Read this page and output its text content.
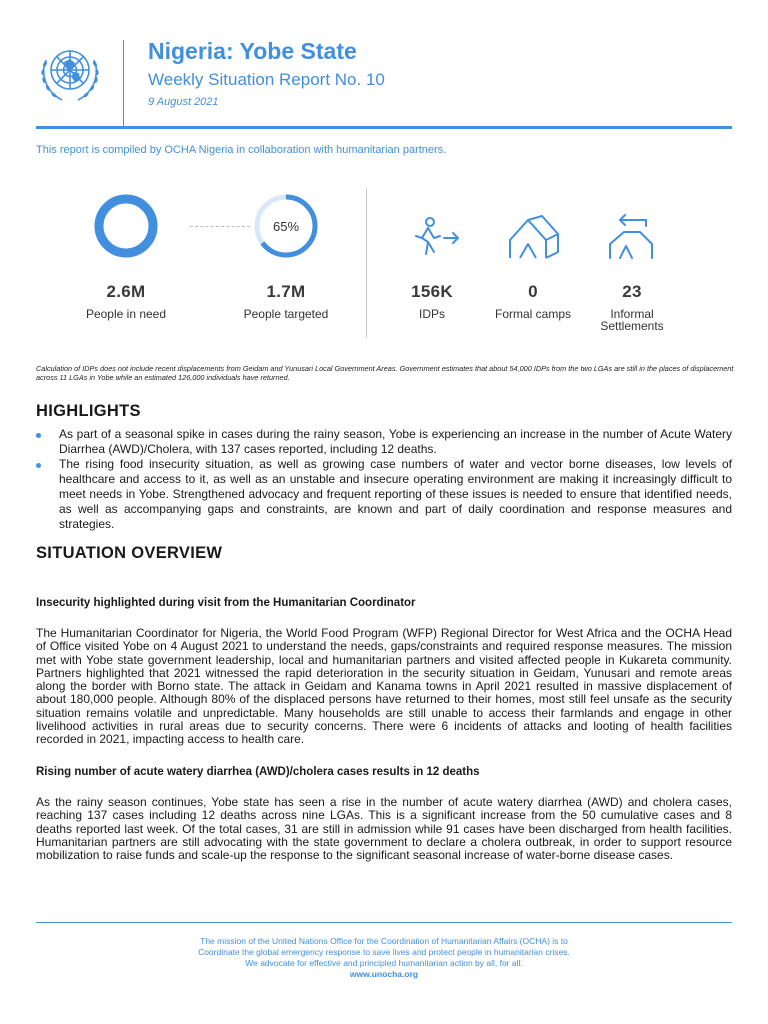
Nigeria: Yobe State
Weekly Situation Report No. 10
9 August 2021
This report is compiled by OCHA Nigeria in collaboration with humanitarian partners.
2.6M
People in need
65%
1.7M
People targeted
156K
IDPs
0
Formal camps
23
Informal
Settlements
Calculation of IDPs does not include recent displacements from Geidam and Yunusari Local Government Areas. Government estimates that about 54,000 IDPs from the two LGAs are still in the places of displacement across 11 LGAs in Yobe while an estimated 126,000 individuals have returned.
HIGHLIGHTS
As part of a seasonal spike in cases during the rainy season, Yobe is experiencing an increase in the number of Acute Watery Diarrhea (AWD)/Cholera, with 137 cases reported, including 12 deaths.
The rising food insecurity situation, as well as growing case numbers of water and vector borne diseases, low levels of healthcare and access to it, as well as an unstable and insecure operating environment are making it increasingly difficult to meet needs in Yobe. Strengthened advocacy and frequent reporting of these issues is needed to ensure that identified needs, as well as accompanying gaps and constraints, are known and part of daily coordination and response measures and strategies.
SITUATION OVERVIEW
Insecurity highlighted during visit from the Humanitarian Coordinator
The Humanitarian Coordinator for Nigeria, the World Food Program (WFP) Regional Director for West Africa and the OCHA Head of Office visited Yobe on 4 August 2021 to understand the needs, gaps/constraints and required response measures. The mission met with Yobe state government leadership, local and humanitarian partners and visited affected people in Kukareta community. Partners highlighted that 2021 witnessed the rapid deterioration in the security situation in Geidam, Yunusari and remote areas along the border with Borno state. The attack in Geidam and Kanama towns in April 2021 resulted in massive displacement of about 180,000 people. Although 80% of the displaced persons have returned to their homes, most still feel unsafe as the security situation remains volatile and unpredictable. Many households are still unable to access their farmlands and engage in other livelihood activities in rural areas due to security concerns. There were 6 incidents of attacks and looting of health facilities recorded in 2021, impacting access to health care.
Rising number of acute watery diarrhea (AWD)/cholera cases results in 12 deaths
As the rainy season continues, Yobe state has seen a rise in the number of acute watery diarrhea (AWD) and cholera cases, reaching 137 cases including 12 deaths across nine LGAs. This is a significant increase from the 50 cumulative cases and 8 deaths reported last week. Of the total cases, 31 are still in admission while 91 cases have been discharged from health facilities. Humanitarian partners are still advocating with the state government to declare a cholera outbreak, in order to support resource mobilization to raise funds and scale-up the response to the significant seasonal increase of water-borne disease cases.
The mission of the United Nations Office for the Coordination of Humanitarian Affairs (OCHA) is to
Coordinate the global emergency response to save lives and protect people in humanitarian crises.
We advocate for effective and principled humanitarian action by all, for all.
www.unocha.org
